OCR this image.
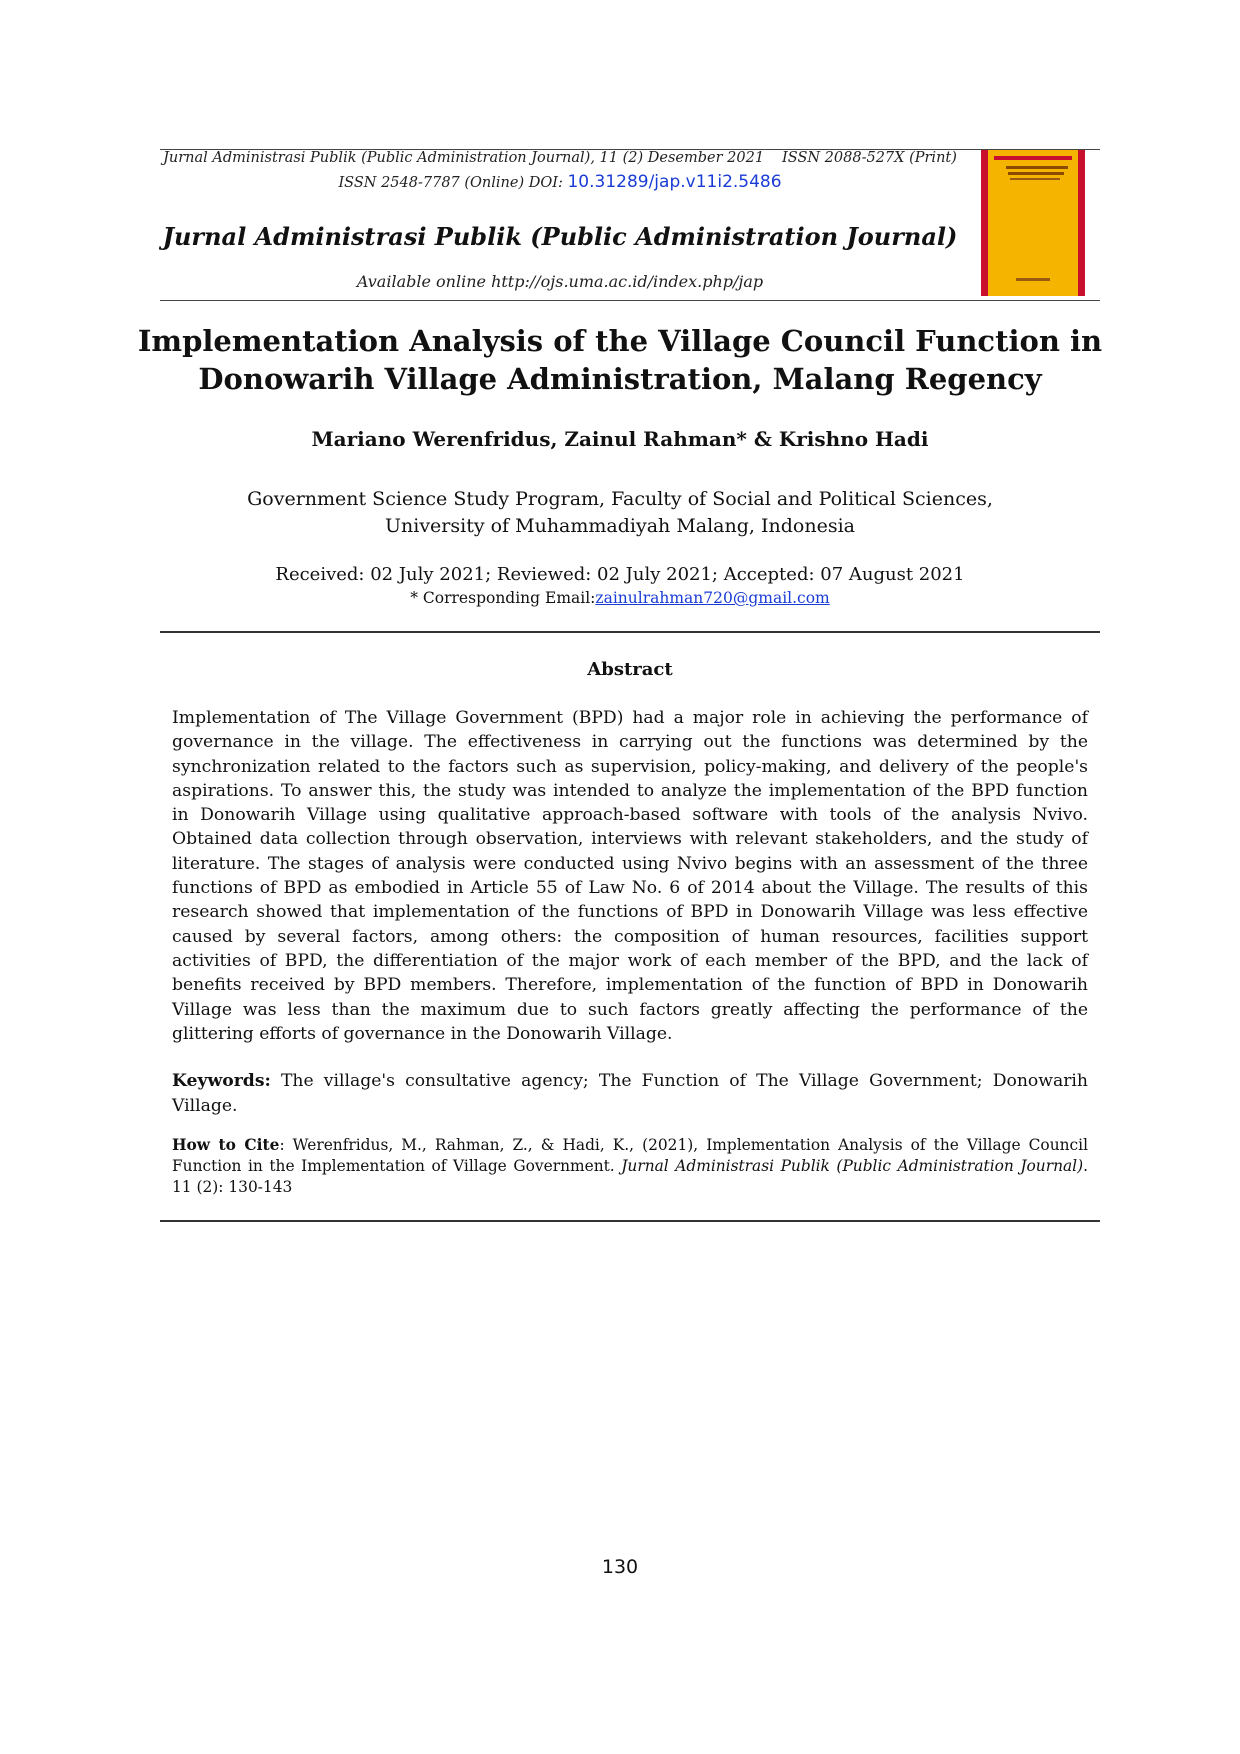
Jurnal Administrasi Publik (Public Administration Journal), 11 (2) Desember 2021 ISSN 2088-527X (Print)
ISSN 2548-7787 (Online) DOI: 10.31289/jap.v11i2.5486
Jurnal Administrasi Publik (Public Administration Journal)
Available online http://ojs.uma.ac.id/index.php/jap
Implementation Analysis of the Village Council Function in
Donowarih Village Administration, Malang Regency
Mariano Werenfridus, Zainul Rahman* & Krishno Hadi
Government Science Study Program, Faculty of Social and Political Sciences,
University of Muhammadiyah Malang, Indonesia
Received: 02 July 2021; Reviewed: 02 July 2021; Accepted: 07 August 2021
* Corresponding Email:zainulrahman720@gmail.com
Abstract
Implementation of The Village Government (BPD) had a major role in achieving the performance of governance in the village. The effectiveness in carrying out the functions was determined by the synchronization related to the factors such as supervision, policy-making, and delivery of the people's aspirations. To answer this, the study was intended to analyze the implementation of the BPD function in Donowarih Village using qualitative approach-based software with tools of the analysis Nvivo. Obtained data collection through observation, interviews with relevant stakeholders, and the study of literature. The stages of analysis were conducted using Nvivo begins with an assessment of the three functions of BPD as embodied in Article 55 of Law No. 6 of 2014 about the Village. The results of this research showed that implementation of the functions of BPD in Donowarih Village was less effective caused by several factors, among others: the composition of human resources, facilities support activities of BPD, the differentiation of the major work of each member of the BPD, and the lack of benefits received by BPD members. Therefore, implementation of the function of BPD in Donowarih Village was less than the maximum due to such factors greatly affecting the performance of the glittering efforts of governance in the Donowarih Village.
Keywords: The village's consultative agency; The Function of The Village Government; Donowarih Village.
How to Cite: Werenfridus, M., Rahman, Z., & Hadi, K., (2021), Implementation Analysis of the Village Council Function in the Implementation of Village Government. Jurnal Administrasi Publik (Public Administration Journal). 11 (2): 130-143
130
